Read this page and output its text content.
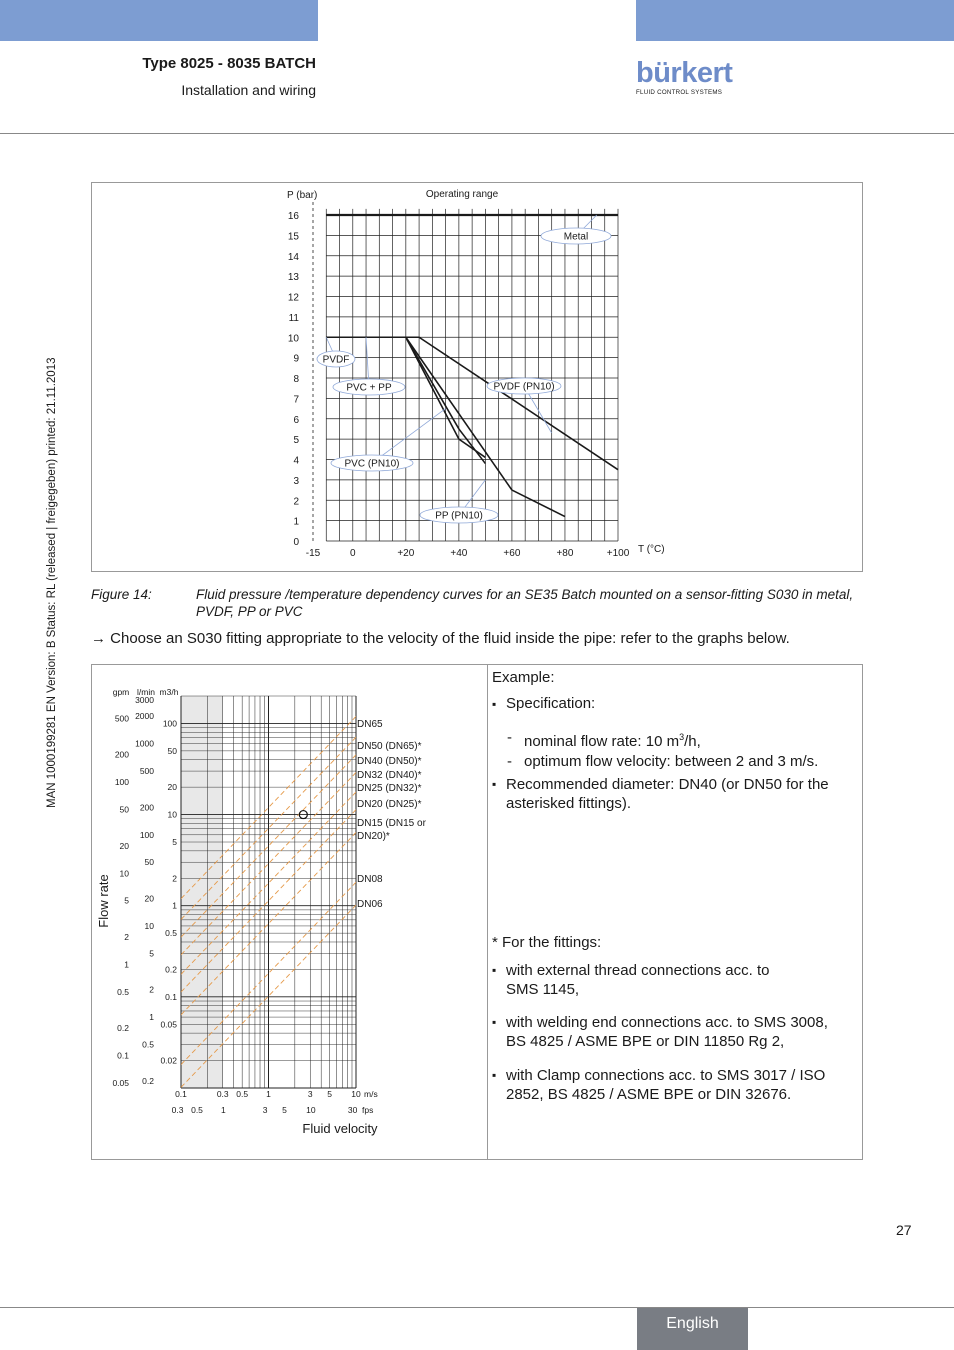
Type 8025 - 8035 BATCH
Installation and wiring
bürkert
FLUID CONTROL SYSTEMS
MAN 1000199281 EN Version: B Status: RL (released | freigegeben) printed: 21.11.2013	0
1
2
3
4
5
6
7
8
9
10
11
12
13
14
15
16
-15	0	+20	+40	+60	+80	+100
P (bar)
T (°C)
Operating range
Metal
PVDF
PVC + PP	PVDF (PN10)
PVC (PN10)
PP (PN10)
Figure 14:	Fluid pressure /temperature dependency curves for an SE35 Batch mounted on a sensor-fitting S030 in metal, PVDF, PP or PVC
→ Choose an S030 fitting appropriate to the velocity of the fluid inside the pipe: refer to the graphs below.
gpm
500
200
100
50
20
10
5
2
1
0.5
0.2
0.1
0.05
l/min
3000
2000
1000
500
200
100
50
20
10
5
2
1
0.5
0.2
m3/h
100
50
20
10
5
2
1
0.5
0.2
0.1
0.05
0.02
0.1	0.3 0.5 1	3 5 10 m/s
0.3 0.5 1	3 5 10	30 fps
Fluid velocity
Flow rate
DN65
DN50 (DN65)*
DN40 (DN50)*
DN32 (DN40)*
DN25 (DN32)*
DN20 (DN25)*
DN15 (DN15 or
DN20)*
DN08
DN06
Example:
▪ Specification:
- nominal flow rate: 10 $m^3/h$,
- optimum flow velocity: between 2 and 3 m/s.
▪ Recommended diameter: DN40 (or DN50 for the asterisked fittings).
* For the fittings:
▪ with external thread connections acc. to SMS 1145,
▪ with welding end connections acc. to SMS 3008, BS 4825 / ASME BPE or DIN 11850 Rg 2,
▪ with Clamp connections acc. to SMS 3017 / ISO 2852, BS 4825 / ASME BPE or DIN 32676.
27
English
